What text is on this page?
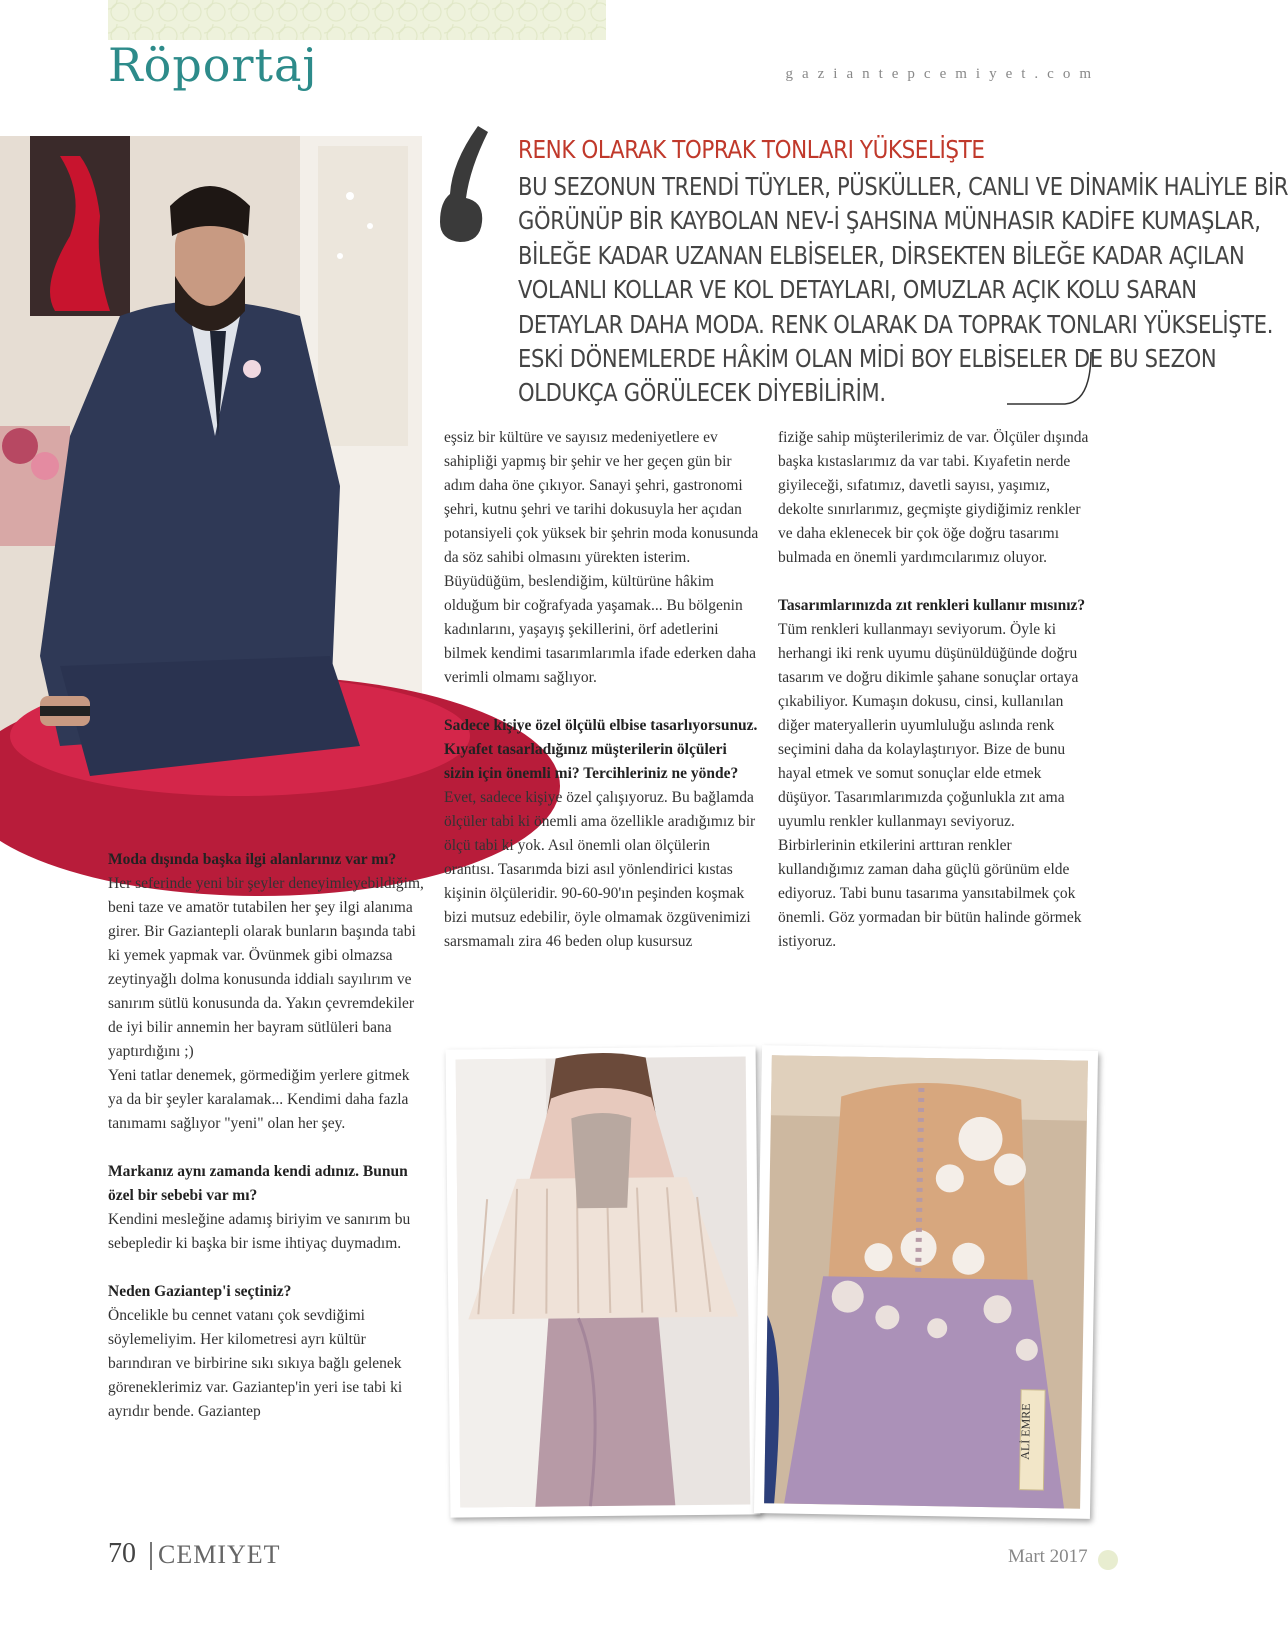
Röportaj	gaziantepcemiyet.com
RENK OLARAK TOPRAK TONLARI YÜKSELİŞTE
BU SEZONUN TRENDİ TÜYLER, PÜSKÜLLER, CANLI VE DİNAMİK HALİYLE BİR
GÖRÜNÜP BİR KAYBOLAN NEV-İ ŞAHSINA MÜNHASIR KADİFE KUMAŞLAR,
BİLEĞE KADAR UZANAN ELBİSELER, DİRSEKTEN BİLEĞE KADAR AÇILAN
VOLANLI KOLLAR VE KOL DETAYLARI, OMUZLAR AÇIK KOLU SARAN
DETAYLAR DAHA MODA. RENK OLARAK DA TOPRAK TONLARI YÜKSELİŞTE.
ESKİ DÖNEMLERDE HÂKİM OLAN MİDİ BOY ELBİSELER DE BU SEZON
OLDUKÇA GÖRÜLECEK DİYEBİLİRİM.

Moda dışında başka ilgi alanlarınız var mı?

Her seferinde yeni bir şeyler deneyimleyebildiğim, beni taze ve amatör tutabilen her şey ilgi alanıma girer. Bir Gaziantepli olarak bunların başında tabi ki yemek yapmak var. Övünmek gibi olmazsa zeytinyağlı dolma konusunda iddialı sayılırım ve sanırım sütlü konusunda da. Yakın çevremdekiler de iyi bilir annemin her bayram sütlüleri bana yaptırdığını ;)

Yeni tatlar denemek, görmediğim yerlere gitmek ya da bir şeyler karalamak... Kendimi daha fazla tanımamı sağlıyor "yeni" olan her şey.

Markanız aynı zamanda kendi adınız. Bunun özel bir sebebi var mı?

Kendini mesleğine adamış biriyim ve sanırım bu sebepledir ki başka bir isme ihtiyaç duymadım.

Neden Gaziantep'i seçtiniz?

Öncelikle bu cennet vatanı çok sevdiğimi söylemeliyim. Her kilometresi ayrı kültür barındıran ve birbirine sıkı sıkıya bağlı gelenek göreneklerimiz var. Gaziantep'in yeri ise tabi ki ayrıdır bende. Gaziantep

eşsiz bir kültüre ve sayısız medeniyetlere ev sahipliği yapmış bir şehir ve her geçen gün bir adım daha öne çıkıyor. Sanayi şehri, gastronomi şehri, kutnu şehri ve tarihi dokusuyla her açıdan potansiyeli çok yüksek bir şehrin moda konusunda da söz sahibi olmasını yürekten isterim. Büyüdüğüm, beslendiğim, kültürüne hâkim olduğum bir coğrafyada yaşamak... Bu bölgenin kadınlarını, yaşayış şekillerini, örf adetlerini bilmek kendimi tasarımlarımla ifade ederken daha verimli olmamı sağlıyor.

Sadece kişiye özel ölçülü elbise tasarlıyorsunuz. Kıyafet tasarladığınız müşterilerin ölçüleri sizin için önemli mi? Tercihleriniz ne yönde?

Evet, sadece kişiye özel çalışıyoruz. Bu bağlamda ölçüler tabi ki önemli ama özellikle aradığımız bir ölçü tabi ki yok. Asıl önemli olan ölçülerin orantısı. Tasarımda bizi asıl yönlendirici kıstas kişinin ölçüleridir. 90-60-90'ın peşinden koşmak bizi mutsuz edebilir, öyle olmamak özgüvenimizi sarsmamalı zira 46 beden olup kusursuz

fiziğe sahip müşterilerimiz de var. Ölçüler dışında başka kıstaslarımız da var tabi. Kıyafetin nerde giyileceği, sıfatımız, davetli sayısı, yaşımız, dekolte sınırlarımız, geçmişte giydiğimiz renkler ve daha eklenecek bir çok öğe doğru tasarımı bulmada en önemli yardımcılarımız oluyor.

Tasarımlarınızda zıt renkleri kullanır mısınız?

Tüm renkleri kullanmayı seviyorum. Öyle ki herhangi iki renk uyumu düşünüldüğünde doğru tasarım ve doğru dikimle şahane sonuçlar ortaya çıkabiliyor. Kumaşın dokusu, cinsi, kullanılan diğer materyallerin uyumluluğu aslında renk seçimini daha da kolaylaştırıyor. Bize de bunu hayal etmek ve somut sonuçlar elde etmek düşüyor. Tasarımlarımızda çoğunlukla zıt ama uyumlu renkler kullanmayı seviyoruz. Birbirlerinin etkilerini arttıran renkler kullandığımız zaman daha güçlü görünüm elde ediyoruz. Tabi bunu tasarıma yansıtabilmek çok önemli. Göz yormadan bir bütün halinde görmek istiyoruz.

ALİ EMRE
70 CEMIYET	Mart 2017
